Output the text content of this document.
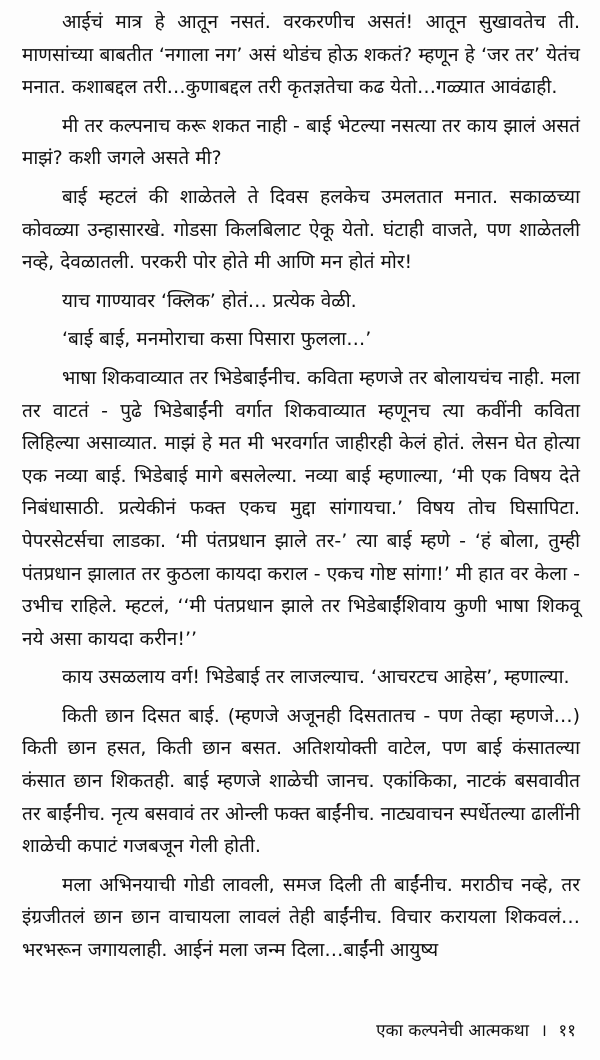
आईचं मात्र हे आतून नसतं. वरकरणीच असतं! आतून सुखावतेच ती. माणसांच्या बाबतीत ‘नगाला नग’ असं थोडंच होऊ शकतं? म्हणून हे ‘जर तर’ येतंच मनात. कशाबद्दल तरी…कुणाबद्दल तरी कृतज्ञतेचा कढ येतो…गळ्यात आवंढाही.

मी तर कल्पनाच करू शकत नाही - बाई भेटल्या नसत्या तर काय झालं असतं माझं? कशी जगले असते मी?

बाई म्हटलं की शाळेतले ते दिवस हलकेच उमलतात मनात. सकाळच्या कोवळ्या उन्हासारखे. गोडसा किलबिलाट ऐकू येतो. घंटाही वाजते, पण शाळेतली नव्हे, देवळातली. परकरी पोर होते मी आणि मन होतं मोर!

याच गाण्यावर ‘क्लिक’ होतं… प्रत्येक वेळी.

‘बाई बाई, मनमोराचा कसा पिसारा फुलला…’

भाषा शिकवाव्यात तर भिडेबाईंनीच. कविता म्हणजे तर बोलायचंच नाही. मला तर वाटतं - पुढे भिडेबाईंनी वर्गात शिकवाव्यात म्हणूनच त्या कवींनी कविता लिहिल्या असाव्यात. माझं हे मत मी भरवर्गात जाहीरही केलं होतं. लेसन घेत होत्या एक नव्या बाई. भिडेबाई मागे बसलेल्या. नव्या बाई म्हणाल्या, ‘मी एक विषय देते निबंधासाठी. प्रत्येकीनं फक्त एकच मुद्दा सांगायचा.’ विषय तोच घिसापिटा. पेपरसेटर्सचा लाडका. ‘मी पंतप्रधान झाले तर-’ त्या बाई म्हणे - ‘हं बोला, तुम्ही पंतप्रधान झालात तर कुठला कायदा कराल - एकच गोष्ट सांगा!’ मी हात वर केला - उभीच राहिले. म्हटलं, ‘‘मी पंतप्रधान झाले तर भिडेबाईंशिवाय कुणी भाषा शिकवू नये असा कायदा करीन!’’

काय उसळलाय वर्ग! भिडेबाई तर लाजल्याच. ‘आचरटच आहेस’, म्हणाल्या.

किती छान दिसत बाई. (म्हणजे अजूनही दिसतातच - पण तेव्हा म्हणजे…) किती छान हसत, किती छान बसत. अतिशयोक्ती वाटेल, पण बाई कंसातल्या कंसात छान शिकतही. बाई म्हणजे शाळेची जानच. एकांकिका, नाटकं बसवावीत तर बाईंनीच. नृत्य बसवावं तर ओन्ली फक्त बाईंनीच. नाट्यवाचन स्पर्धेतल्या ढालींनी शाळेची कपाटं गजबजून गेली होती.

मला अभिनयाची गोडी लावली, समज दिली ती बाईंनीच. मराठीच नव्हे, तर इंग्रजीतलं छान छान वाचायला लावलं तेही बाईंनीच. विचार करायला शिकवलं…भरभरून जगायलाही. आईनं मला जन्म दिला…बाईंनी आयुष्य

एका कल्पनेची आत्मकथा । ११
